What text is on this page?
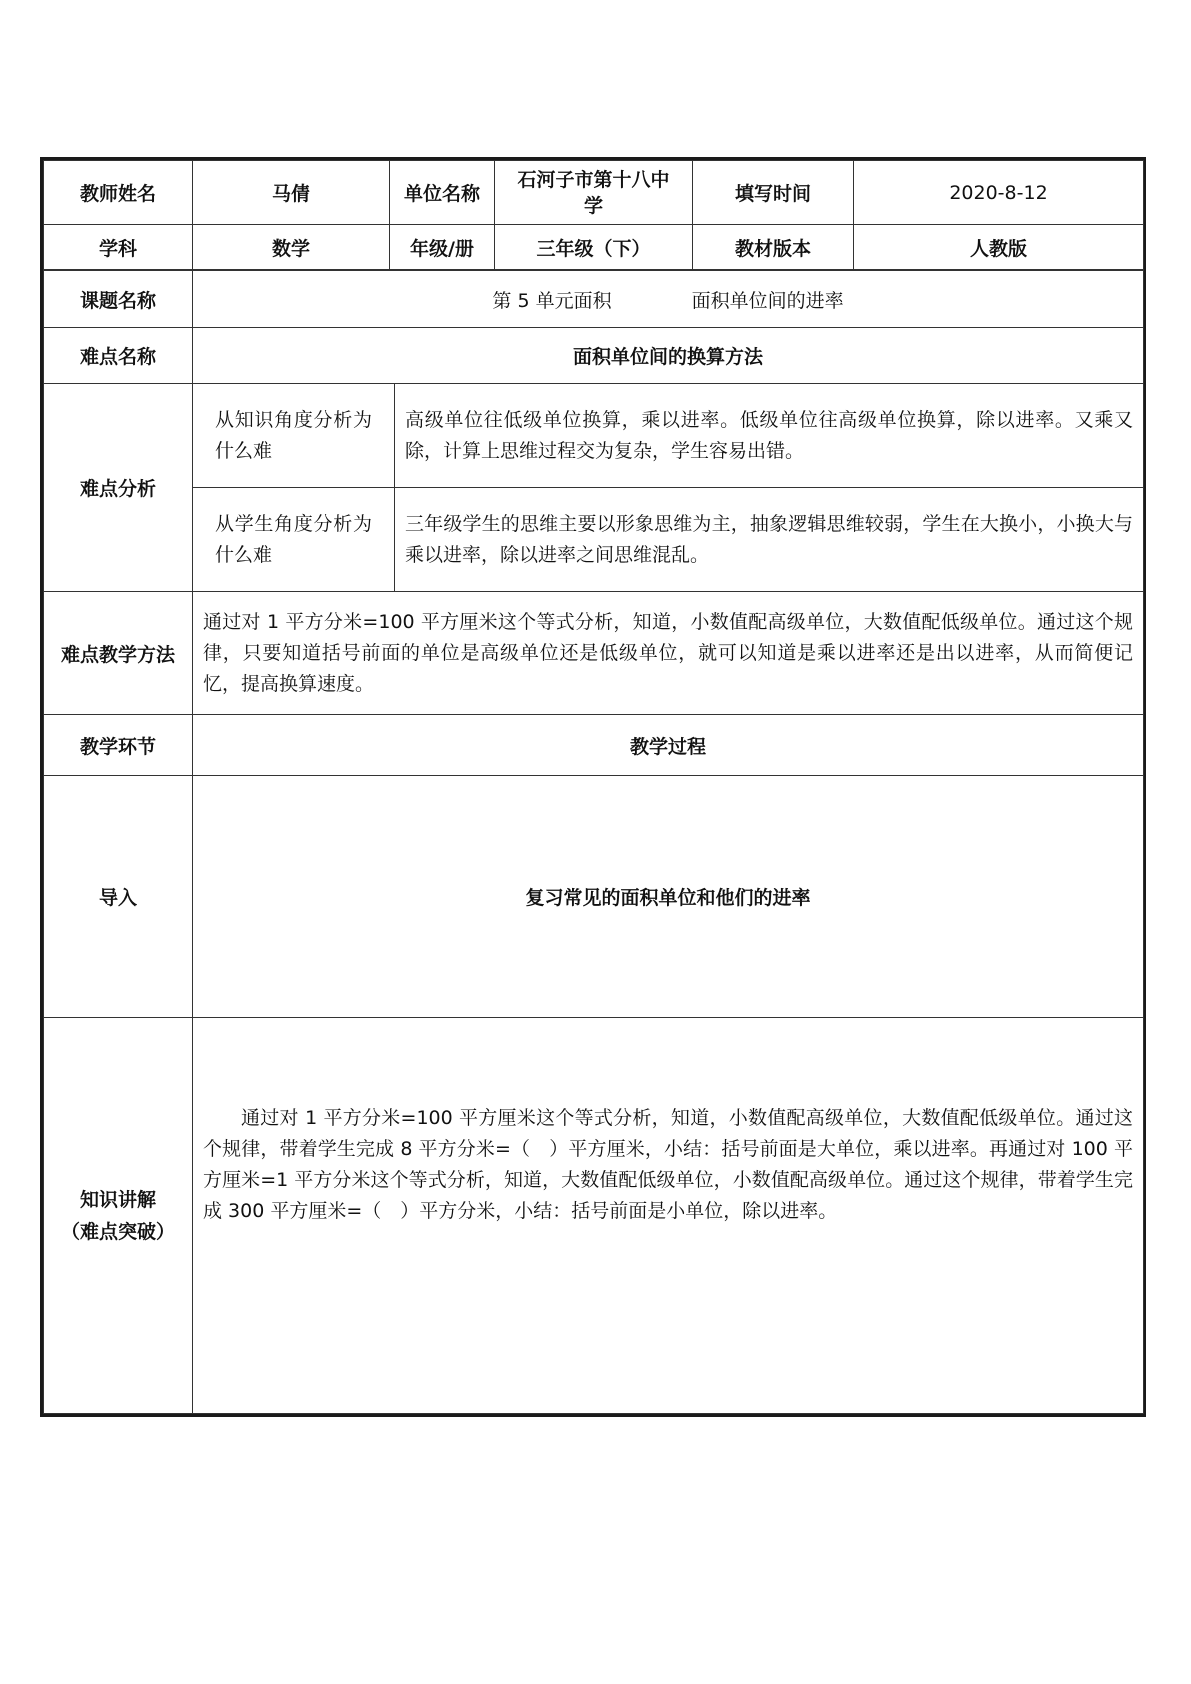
教师姓名	马倩	单位名称	石河子市第十八中学	填写时间	2020-8-12
学科	数学	年级/册	三年级（下）	教材版本	人教版
课题名称	第 5 单元面积 面积单位间的进率	
难点名称	面积单位间的换算方法	
难点分析	从知识角度分析为什么难	高级单位往低级单位换算，乘以进率。低级单位往高级单位换算，除以进率。又乘又除，计算上思维过程交为复杂，学生容易出错。
	从学生角度分析为什么难	三年级学生的思维主要以形象思维为主，抽象逻辑思维较弱，学生在大换小，小换大与乘以进率，除以进率之间思维混乱。
难点教学方法	通过对 1 平方分米=100 平方厘米这个等式分析，知道，小数值配高级单位，大数值配低级单位。通过这个规律，只要知道括号前面的单位是高级单位还是低级单位，就可以知道是乘以进率还是出以进率，从而简便记忆，提高换算速度。	
教学环节	教学过程	
导入	复习常见的面积单位和他们的进率	

知识讲解
（难点突破）	通过对 1 平方分米=100 平方厘米这个等式分析，知道，小数值配高级单位，大数值配低级单位。通过这个规律，带着学生完成 8 平方分米=（　）平方厘米，小结：括号前面是大单位，乘以进率。再通过对 100 平方厘米=1 平方分米这个等式分析，知道，大数值配低级单位，小数值配高级单位。通过这个规律，带着学生完成 300 平方厘米=（　）平方分米，小结：括号前面是小单位，除以进率。	
